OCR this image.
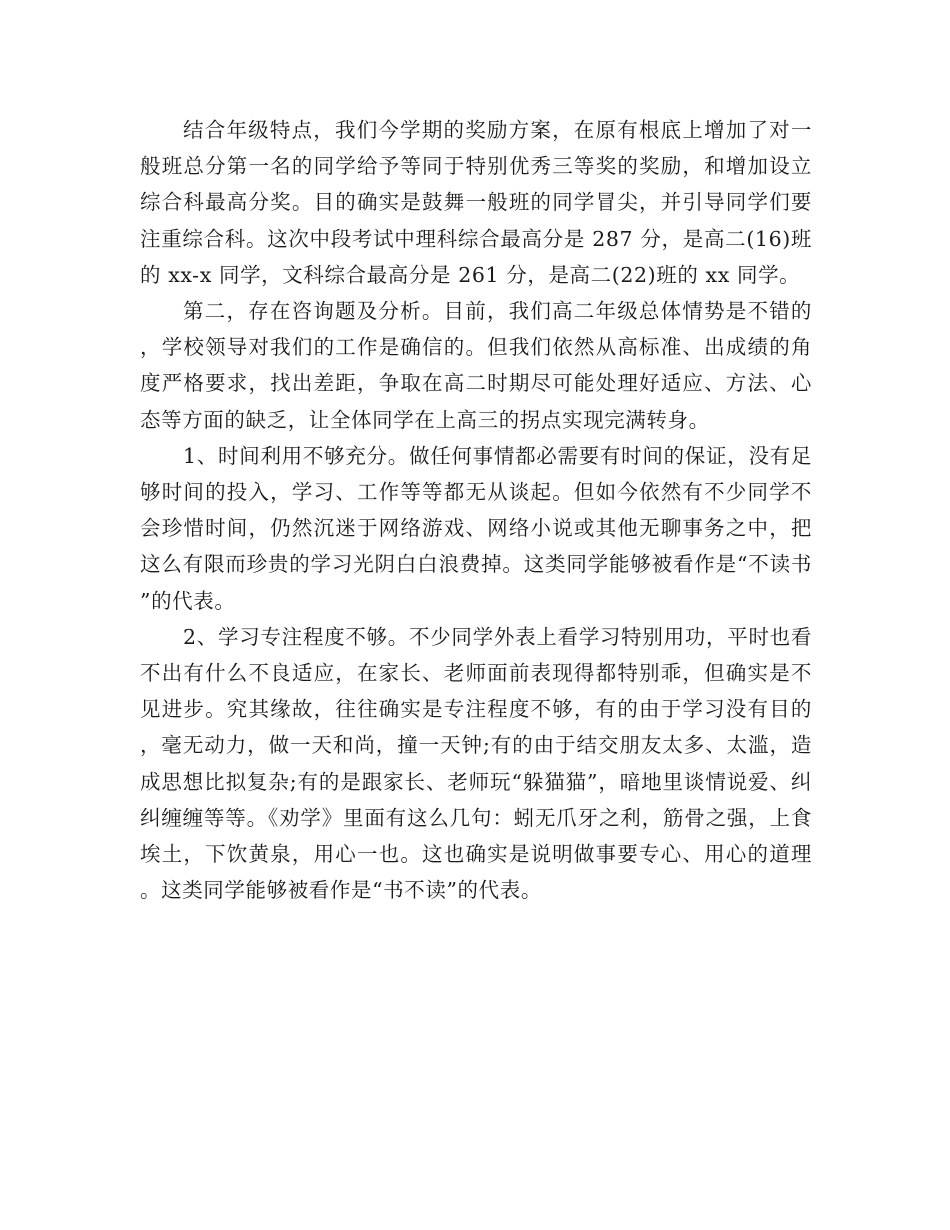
结合年级特点，我们今学期的奖励方案，在原有根底上增加了对一般班总分第一名的同学给予等同于特别优秀三等奖的奖励，和增加设立综合科最高分奖。目的确实是鼓舞一般班的同学冒尖，并引导同学们要注重综合科。这次中段考试中理科综合最高分是 287 分，是高二(16)班的 xx-x 同学，文科综合最高分是 261 分，是高二(22)班的 xx 同学。

第二，存在咨询题及分析。目前，我们高二年级总体情势是不错的，学校领导对我们的工作是确信的。但我们依然从高标准、出成绩的角度严格要求，找出差距，争取在高二时期尽可能处理好适应、方法、心态等方面的缺乏，让全体同学在上高三的拐点实现完满转身。

1、时间利用不够充分。做任何事情都必需要有时间的保证，没有足够时间的投入，学习、工作等等都无从谈起。但如今依然有不少同学不会珍惜时间，仍然沉迷于网络游戏、网络小说或其他无聊事务之中，把这么有限而珍贵的学习光阴白白浪费掉。这类同学能够被看作是“不读书”的代表。

2、学习专注程度不够。不少同学外表上看学习特别用功，平时也看不出有什么不良适应，在家长、老师面前表现得都特别乖，但确实是不见进步。究其缘故，往往确实是专注程度不够，有的由于学习没有目的，毫无动力，做一天和尚，撞一天钟;有的由于结交朋友太多、太滥，造成思想比拟复杂;有的是跟家长、老师玩“躲猫猫”，暗地里谈情说爱、纠纠缠缠等等。《劝学》里面有这么几句：蚓无爪牙之利，筋骨之强，上食埃土，下饮黄泉，用心一也。这也确实是说明做事要专心、用心的道理。这类同学能够被看作是“书不读”的代表。
